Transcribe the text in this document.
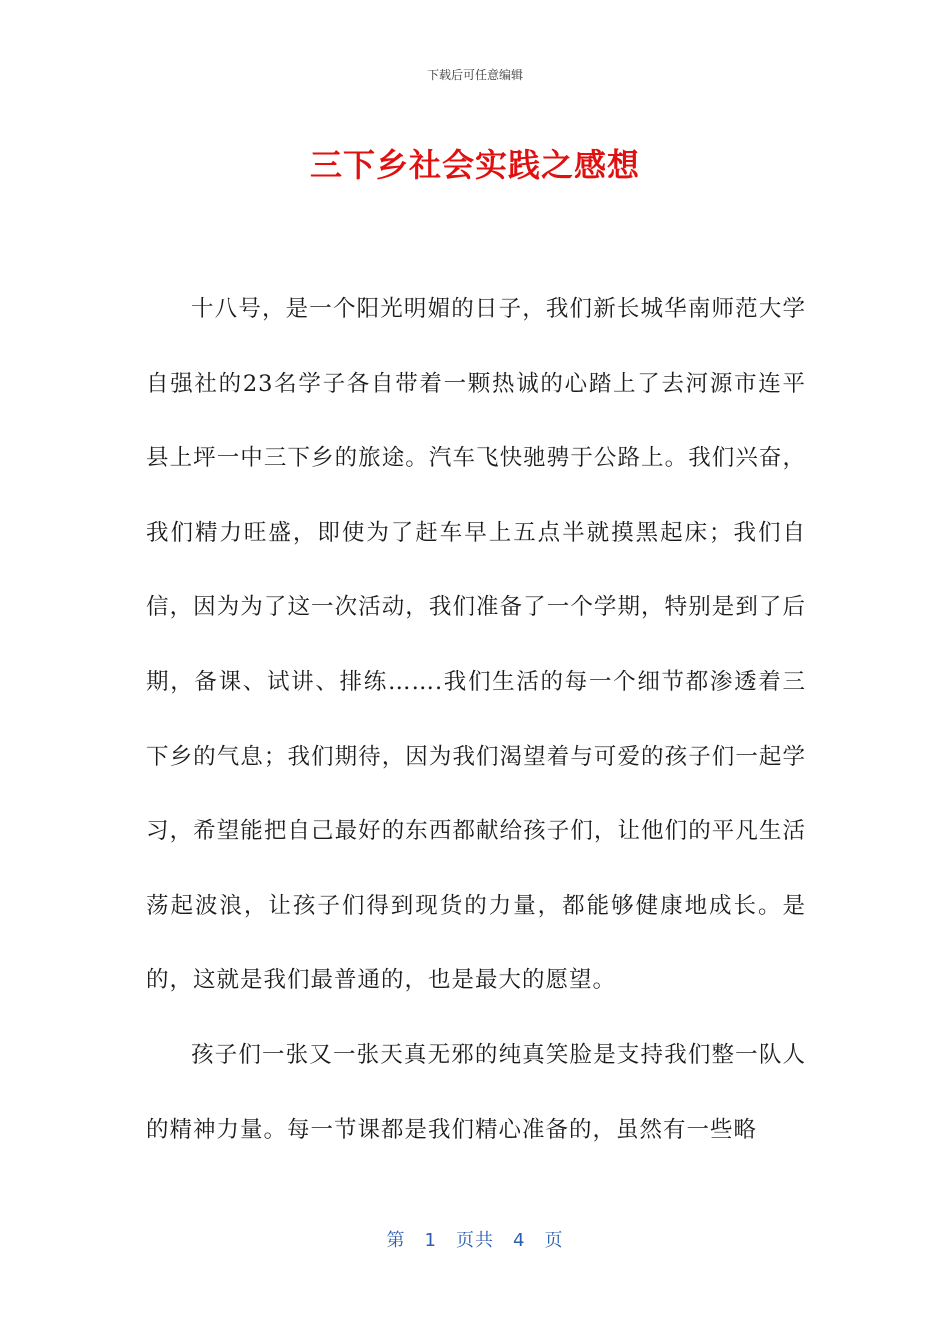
下载后可任意编辑
三下乡社会实践之感想

十八号，是一个阳光明媚的日子，我们新长城华南师范大学自强社的23名学子各自带着一颗热诚的心踏上了去河源市连平县上坪一中三下乡的旅途。汽车飞快驰骋于公路上。我们兴奋，我们精力旺盛，即使为了赶车早上五点半就摸黑起床；我们自信，因为为了这一次活动，我们准备了一个学期，特别是到了后期，备课、试讲、排练…….我们生活的每一个细节都渗透着三下乡的气息；我们期待，因为我们渴望着与可爱的孩子们一起学习，希望能把自己最好的东西都献给孩子们，让他们的平凡生活荡起波浪，让孩子们得到现货的力量，都能够健康地成长。是的，这就是我们最普通的，也是最大的愿望。

孩子们一张又一张天真无邪的纯真笑脸是支持我们整一队人的精神力量。每一节课都是我们精心准备的，虽然有一些略

第　1　页共　4　页
